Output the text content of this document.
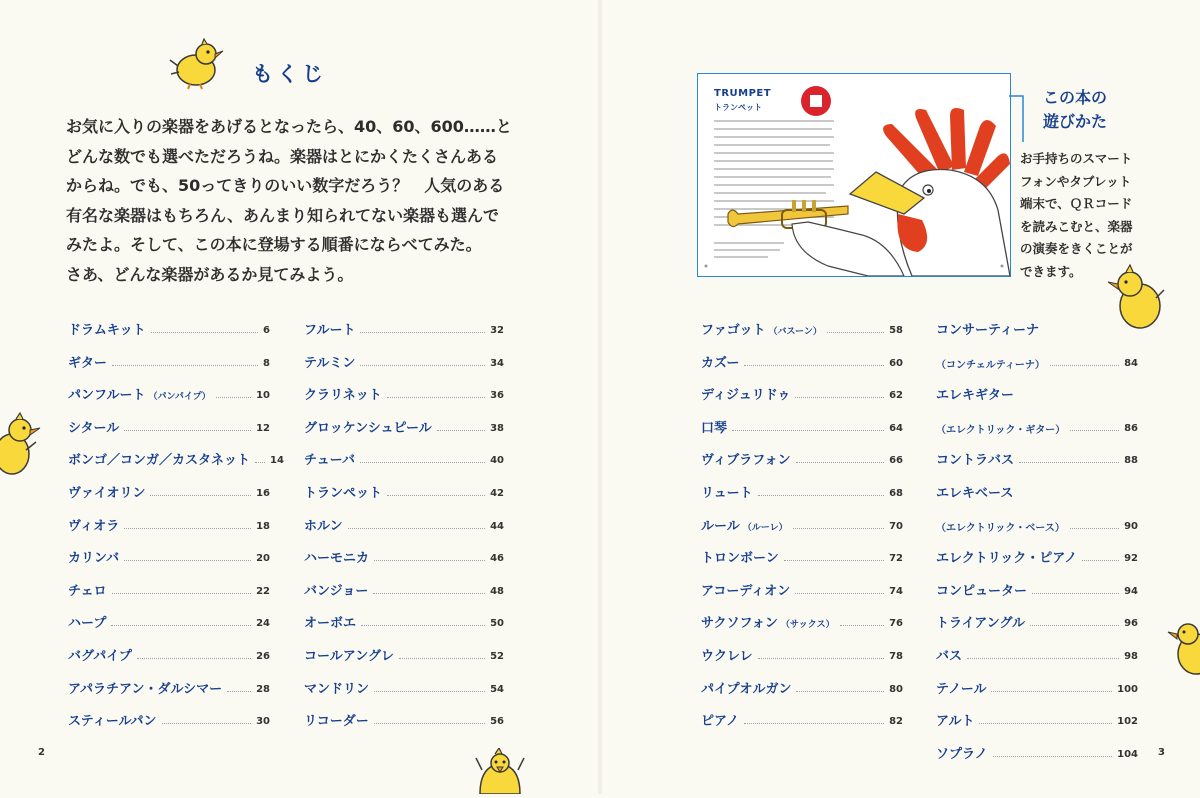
もくじ

お気に入りの楽器をあげるとなったら、40、60、600……と
どんな数でも選べただろうね。楽器はとにかくたくさんある
からね。でも、50ってきりのいい数字だろう？　人気のある
有名な楽器はもちろん、あんまり知られてない楽器も選んで
みたよ。そして、この本に登場する順番にならべてみた。
さあ、どんな楽器があるか見てみよう。

ドラムキット	6
ギター	8
パンフルート （パンパイプ）	10
シタール	12
ボンゴ／コンガ／カスタネット 14
ヴァイオリン	16
ヴィオラ	18
カリンバ	20
チェロ	22
ハープ	24
バグパイプ	26
アパラチアン・ダルシマー	28
スティールパン	30
フルート	32
テルミン	34
クラリネット	36
グロッケンシュピール	38
チューバ	40
トランペット	42
ホルン	44
ハーモニカ	46
バンジョー	48
オーボエ	50
コールアングレ	52
マンドリン	54
リコーダー	56
2
TRUMPET
トランペット
この本の
遊びかた

お手持ちのスマート
フォンやタブレット
端末で、ＱＲコード
を読みこむと、楽器
の演奏をきくことが
できます。

ファゴット （バスーン）	58
カズー	60
ディジュリドゥ	62
口琴	64
ヴィブラフォン	66
リュート	68
ルール （ルーレ）	70
トロンボーン	72
アコーディオン	74
サクソフォン （サックス）	76
ウクレレ	78
パイプオルガン	80
ピアノ	82
コンサーティーナ
（コンチェルティーナ）	84
エレキギター
（エレクトリック・ギター）	86
コントラバス	88
エレキベース
（エレクトリック・ベース）	90
エレクトリック・ピアノ	92
コンピューター	94
トライアングル	96
バス	98
テノール	100
アルト	102
ソプラノ	104 3
